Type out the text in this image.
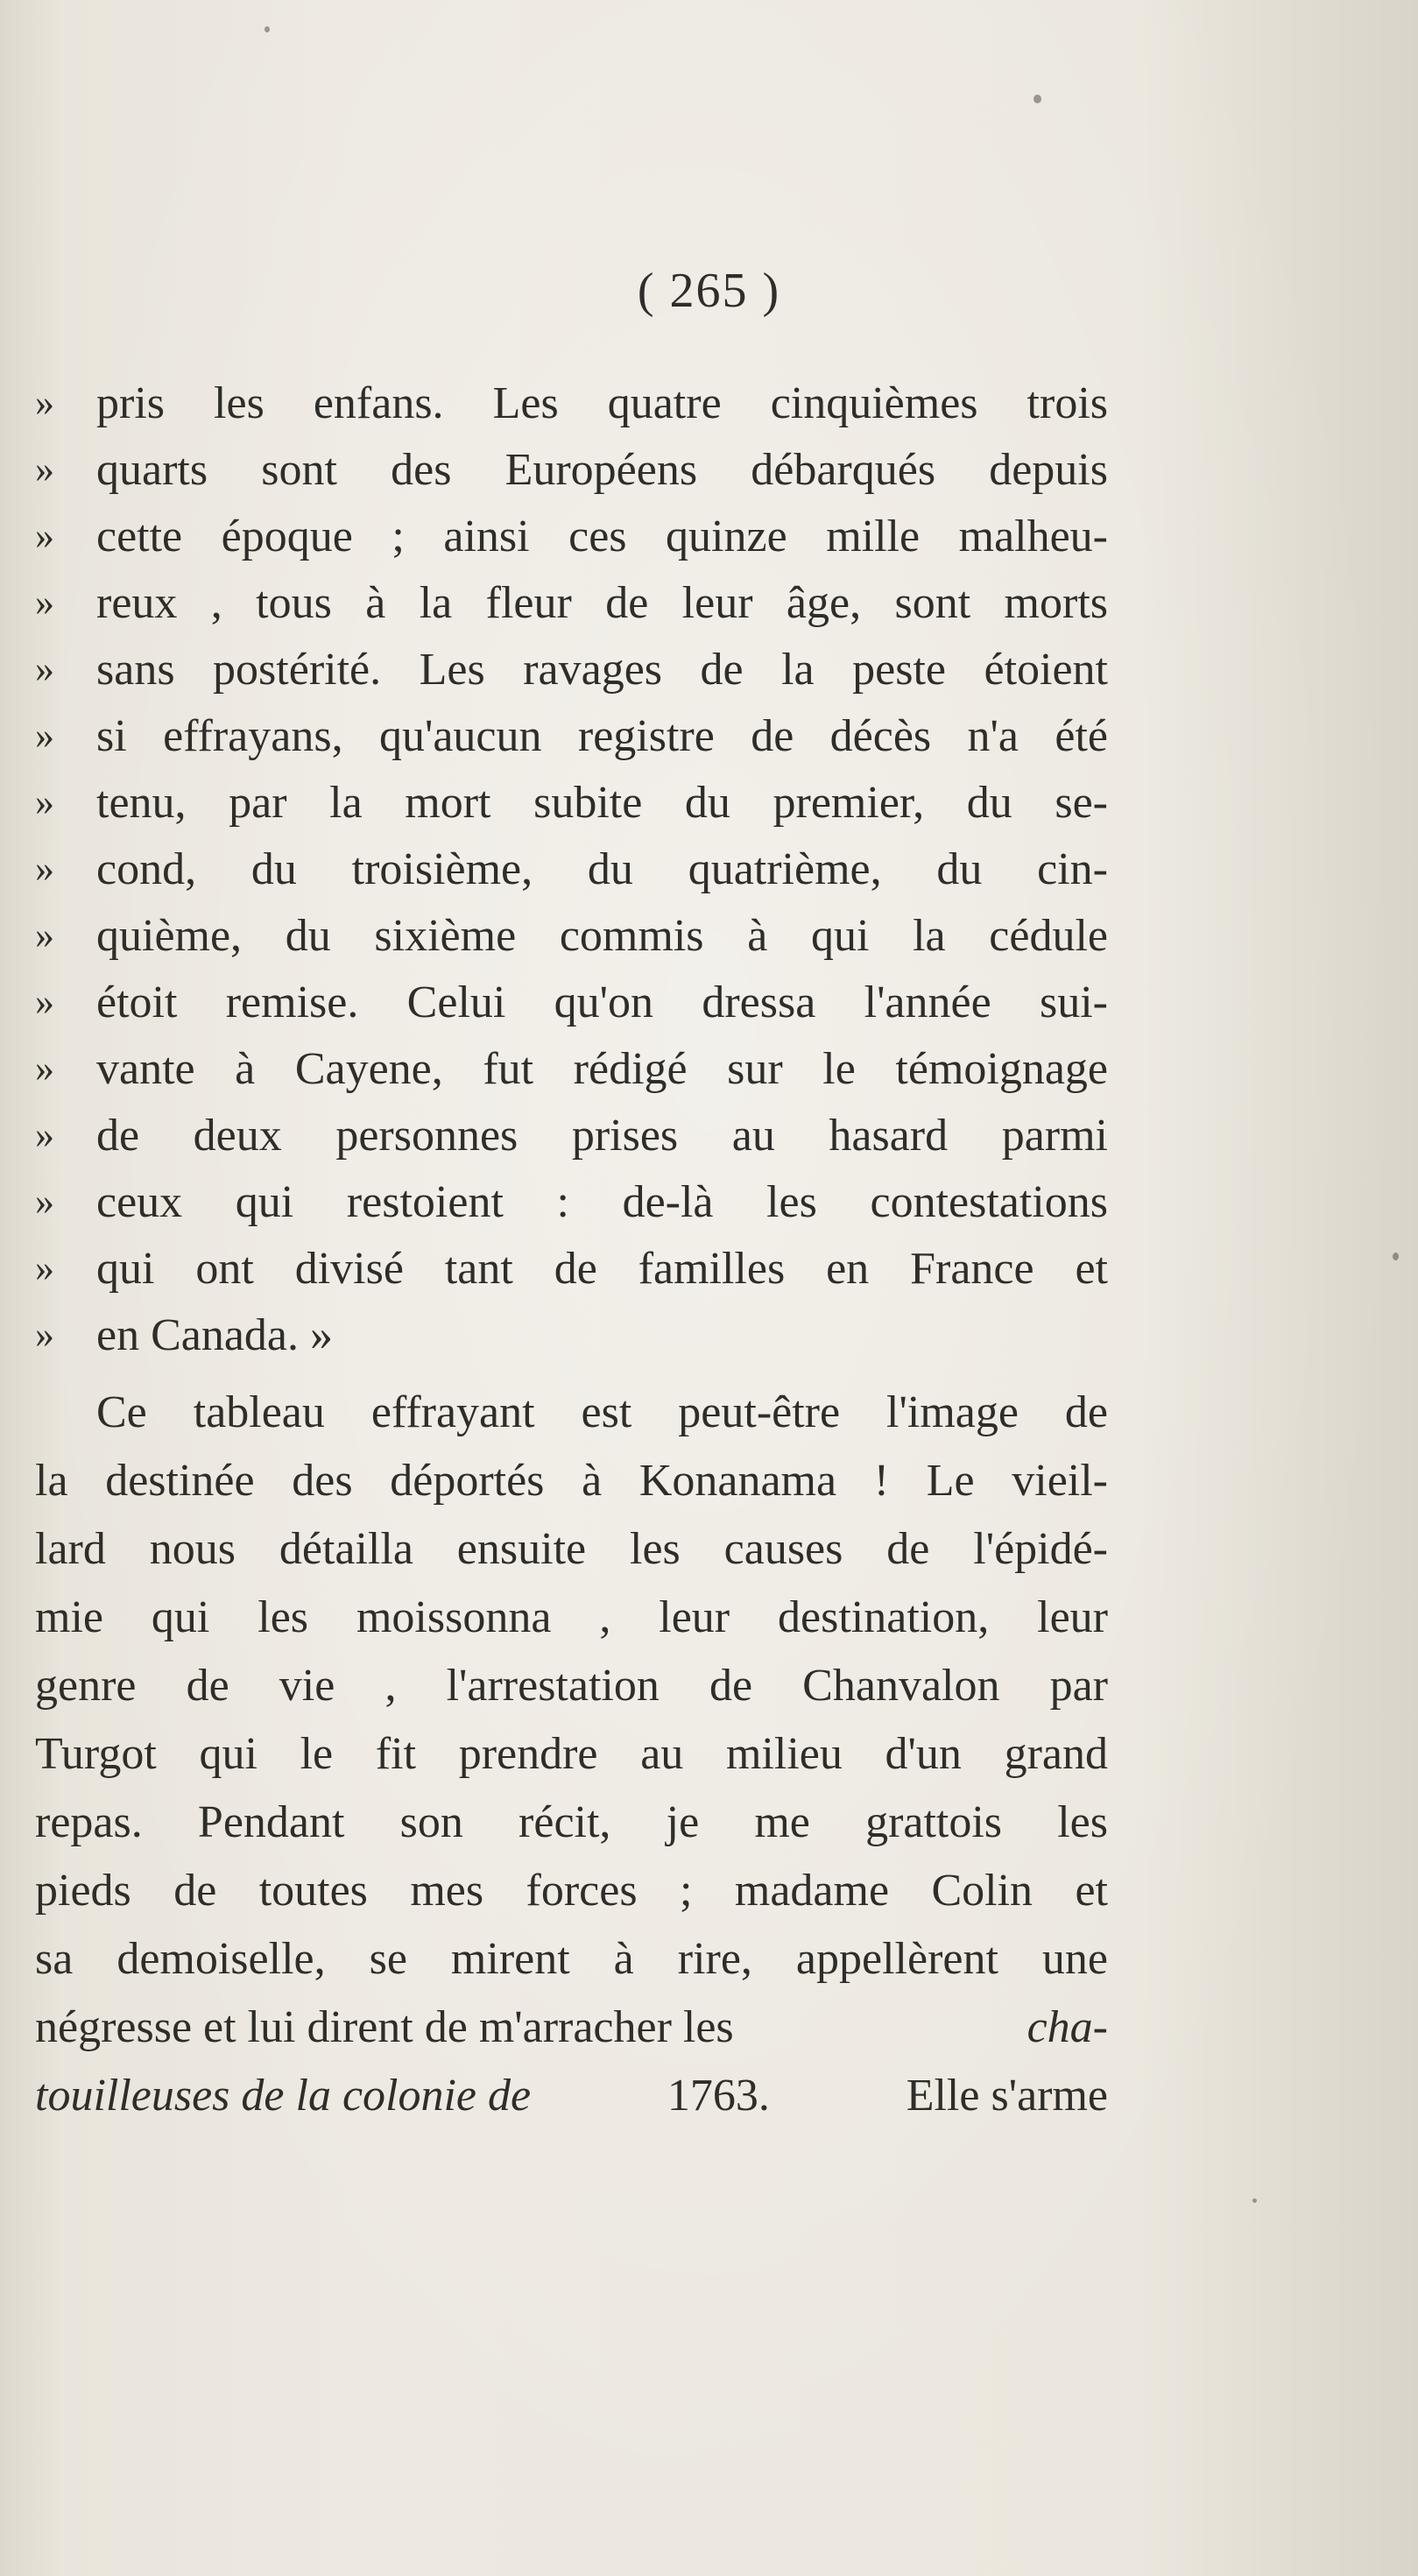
( 265 )
» pris les enfans. Les quatre cinquièmes trois
» quarts sont des Européens débarqués depuis
» cette époque ; ainsi ces quinze mille malheu-
» reux , tous à la fleur de leur âge, sont morts
» sans postérité. Les ravages de la peste étoient
» si effrayans, qu'aucun registre de décès n'a été
» tenu, par la mort subite du premier, du se-
» cond, du troisième, du quatrième, du cin-
» quième, du sixième commis à qui la cédule
» étoit remise. Celui qu'on dressa l'année sui-
» vante à Cayene, fut rédigé sur le témoignage
» de deux personnes prises au hasard parmi
» ceux qui restoient : de-là les contestations
» qui ont divisé tant de familles en France et
» en Canada. »
Ce tableau effrayant est peut-être l'image de
la destinée des déportés à Konanama ! Le vieil-
lard nous détailla ensuite les causes de l'épidé-
mie qui les moissonna , leur destination, leur
genre de vie , l'arrestation de Chanvalon par
Turgot qui le fit prendre au milieu d'un grand
repas. Pendant son récit, je me grattois les
pieds de toutes mes forces ; madame Colin et
sa demoiselle, se mirent à rire, appellèrent une
négresse et lui dirent de m'arracher les	cha-
touilleuses de la colonie de	1763.	Elle s'arme
